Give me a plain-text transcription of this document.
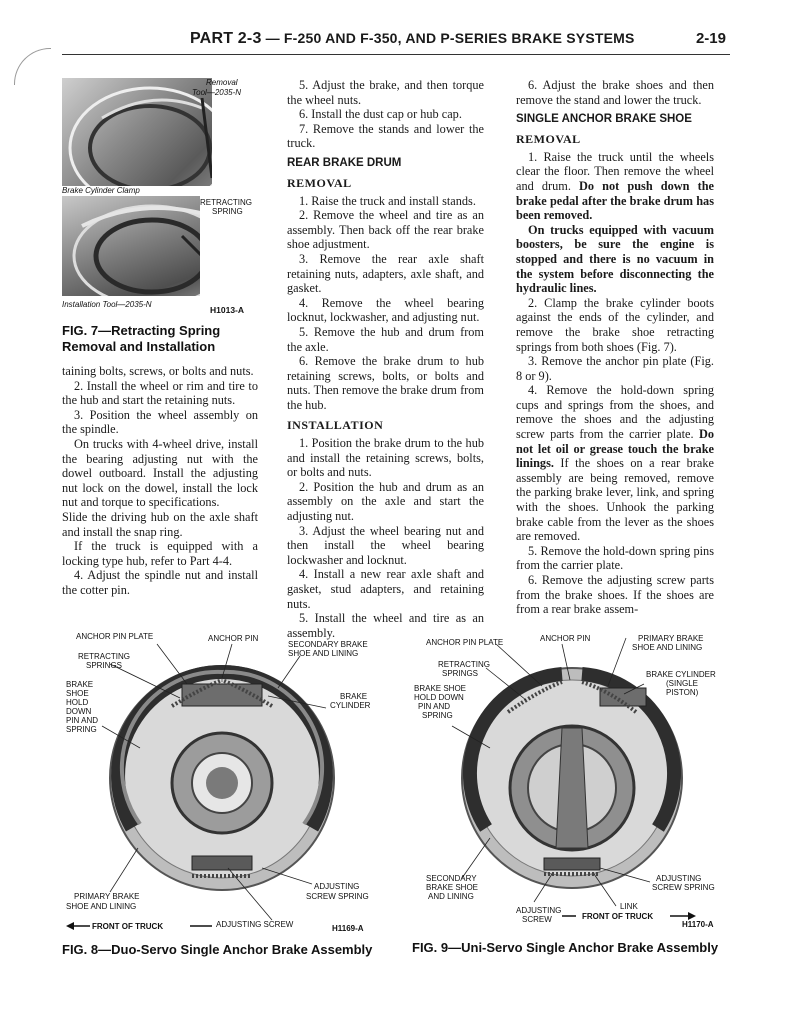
PART 2-3 — F-250 AND F-350, AND P-SERIES BRAKE SYSTEMS	2-19
Removal
Tool—2035-N
Brake Cylinder Clamp
RETRACTING
SPRING
Installation Tool—2035-N
H1013-A
FIG. 7—Retracting Spring
Removal and Installation

taining bolts, screws, or bolts and nuts.

2. Install the wheel or rim and tire to the hub and start the retaining nuts.

3. Position the wheel assembly on the spindle.

On trucks with 4-wheel drive, install the bearing adjusting nut with the dowel outboard. Install the adjusting nut lock on the dowel, install the lock nut and torque to specifications.

Slide the driving hub on the axle shaft and install the snap ring.

If the truck is equipped with a locking type hub, refer to Part 4-4.

4. Adjust the spindle nut and install the cotter pin.

5. Adjust the brake, and then torque the wheel nuts.

6. Install the dust cap or hub cap.

7. Remove the stands and lower the truck.

REAR BRAKE DRUM
REMOVAL

1. Raise the truck and install stands.

2. Remove the wheel and tire as an assembly. Then back off the rear brake shoe adjustment.

3. Remove the rear axle shaft retaining nuts, adapters, axle shaft, and gasket.

4. Remove the wheel bearing locknut, lockwasher, and adjusting nut.

5. Remove the hub and drum from the axle.

6. Remove the brake drum to hub retaining screws, bolts, or bolts and nuts. Then remove the brake drum from the hub.

INSTALLATION

1. Position the brake drum to the hub and install the retaining screws, bolts, or bolts and nuts.

2. Position the hub and drum as an assembly on the axle and start the adjusting nut.

3. Adjust the wheel bearing nut and then install the wheel bearing lockwasher and locknut.

4. Install a new rear axle shaft and gasket, stud adapters, and retaining nuts.

5. Install the wheel and tire as an assembly.

6. Adjust the brake shoes and then remove the stand and lower the truck.

SINGLE ANCHOR BRAKE SHOE
REMOVAL

1. Raise the truck until the wheels clear the floor. Then remove the wheel and drum. Do not push down the brake pedal after the brake drum has been removed.

On trucks equipped with vacuum boosters, be sure the engine is stopped and there is no vacuum in the system before disconnecting the hydraulic lines.

2. Clamp the brake cylinder boots against the ends of the cylinder, and remove the brake shoe retracting springs from both shoes (Fig. 7).

3. Remove the anchor pin plate (Fig. 8 or 9).

4. Remove the hold-down spring cups and springs from the shoes, and remove the shoes and the adjusting screw parts from the carrier plate. Do not let oil or grease touch the brake linings. If the shoes on a rear brake assembly are being removed, remove the parking brake lever, link, and spring with the shoes. Unhook the parking brake cable from the lever as the shoes are removed.

5. Remove the hold-down spring pins from the carrier plate.

6. Remove the adjusting screw parts from the brake shoes. If the shoes are from a rear brake assem-

ANCHOR PIN PLATE	ANCHOR PIN
RETRACTING
SPRINGS
BRAKE
SHOE
HOLD
DOWN
PIN AND
SPRING
SECONDARY BRAKE
SHOE AND LINING
BRAKE
CYLINDER
PRIMARY BRAKE
SHOE AND LINING
ADJUSTING
SCREW SPRING
FRONT OF TRUCK	ADJUSTING SCREW	H1169-A
FIG. 8—Duo-Servo Single Anchor Brake Assembly
ANCHOR PIN PLATE	ANCHOR PIN	PRIMARY BRAKE
SHOE AND LINING
RETRACTING
SPRINGS
BRAKE SHOE
HOLD DOWN
PIN AND
SPRING
BRAKE CYLINDER
(SINGLE
PISTON)
SECONDARY
BRAKE SHOE
AND LINING
ADJUSTING
SCREW SPRING
LINK
ADJUSTING
SCREW	FRONT OF TRUCK
H1170-A
FIG. 9—Uni-Servo Single Anchor Brake Assembly
